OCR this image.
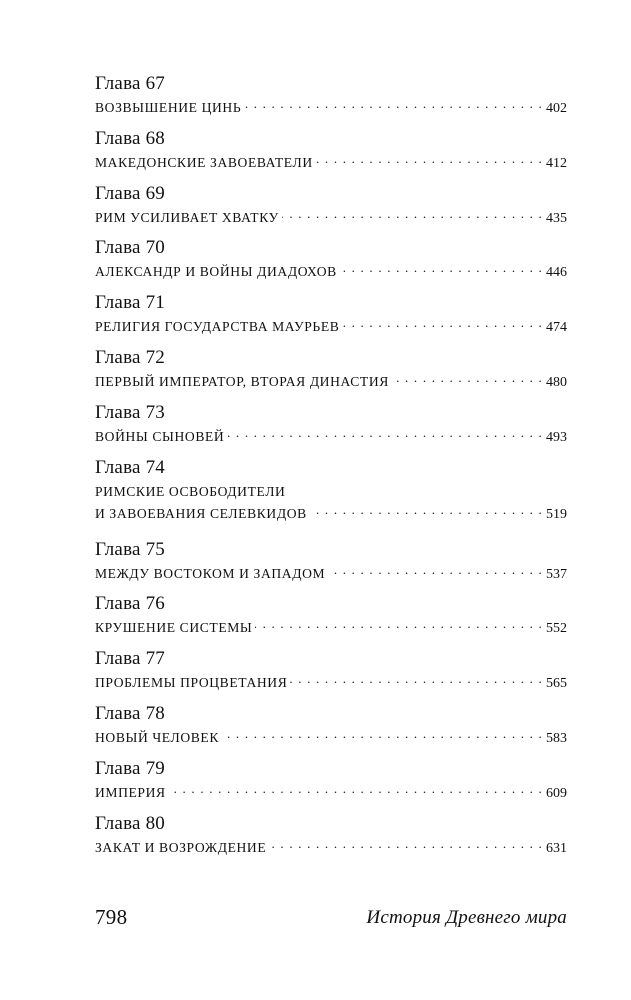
Глава 67
ВОЗВЫШЕНИЕ ЦИНЬ . . .	402
Глава 68
МАКЕДОНСКИЕ ЗАВОЕВАТЕЛИ . . .	412
Глава 69
РИМ УСИЛИВАЕТ ХВАТКУ . . .	435
Глава 70
АЛЕКСАНДР И ВОЙНЫ ДИАДОХОВ . . .	446
Глава 71
РЕЛИГИЯ ГОСУДАРСТВА МАУРЬЕВ . . .	474
Глава 72
ПЕРВЫЙ ИМПЕРАТОР, ВТОРАЯ ДИНАСТИЯ . . .	480
Глава 73
ВОЙНЫ СЫНОВЕЙ . . .	493
Глава 74
РИМСКИЕ ОСВОБОДИТЕЛИ
И ЗАВОЕВАНИЯ СЕЛЕВКИДОВ . . .	519
Глава 75
МЕЖДУ ВОСТОКОМ И ЗАПАДОМ . . .	537
Глава 76
КРУШЕНИЕ СИСТЕМЫ . . .	552
Глава 77
ПРОБЛЕМЫ ПРОЦВЕТАНИЯ . . .	565
Глава 78
НОВЫЙ ЧЕЛОВЕК . . .	583
Глава 79
ИМПЕРИЯ . . .	609
Глава 80
ЗАКАТ И ВОЗРОЖДЕНИЕ . . .	631
798	История Древнего мира
